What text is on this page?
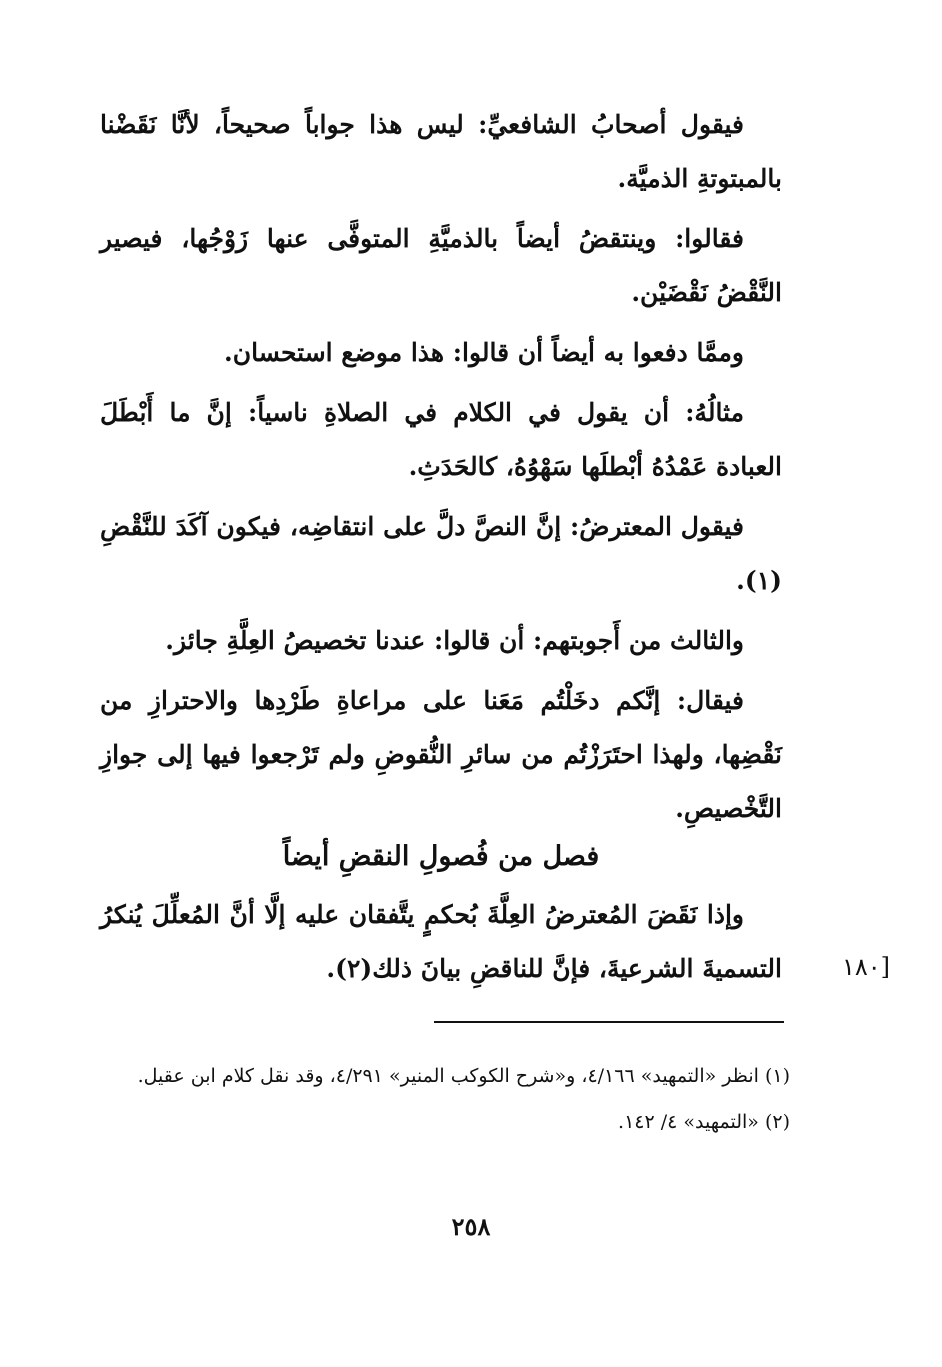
فيقول أصحابُ الشافعيِّ: ليس هذا جواباً صحيحاً، لأنَّا نَقَضْنا بالمبتوتةِ الذميَّة.

فقالوا: وينتقضُ أيضاً بالذميَّةِ المتوفَّى عنها زَوْجُها، فيصير النَّقْضُ نَقْضَيْن.

وممَّا دفعوا به أيضاً أن قالوا: هذا موضع استحسان.

مثالُهُ: أن يقول في الكلام في الصلاةِ ناسياً: إنَّ ما أَبْطَلَ العبادة عَمْدُهُ أبْطلَها سَهْوُهُ، كالحَدَثِ.

فيقول المعترضُ: إنَّ النصَّ دلَّ على انتقاضِه، فيكون آكَدَ للنَّقْضِ (١).

والثالث من أَجوبتهم: أن قالوا: عندنا تخصيصُ العِلَّةِ جائز.

فيقال: إنَّكم دخَلْتُم مَعَنا على مراعاةِ طَرْدِها والاحترازِ من نَقْضِها، ولهذا احتَرَزْتُم من سائرِ النُّقوضِ ولم تَرْجعوا فيها إلى جوازِ التَّخْصيصِ.

فصل من فُصولِ النقضِ أيضاً

وإذا نَقَضَ المُعترضُ العِلَّةَ بُحكمٍ يتَّفقان عليه إلَّا أنَّ المُعلِّلَ يُنكرُ التسميةَ الشرعيةَ، فإنَّ للناقضِ بيانَ ذلك(٢).	[١٨٠

(١) انظر «التمهيد» ٤/١٦٦، و«شرح الكوكب المنير» ٤/٢٩١، وقد نقل كلام ابن عقيل.

(٢) «التمهيد» ٤/ ١٤٢.

٢٥٨
